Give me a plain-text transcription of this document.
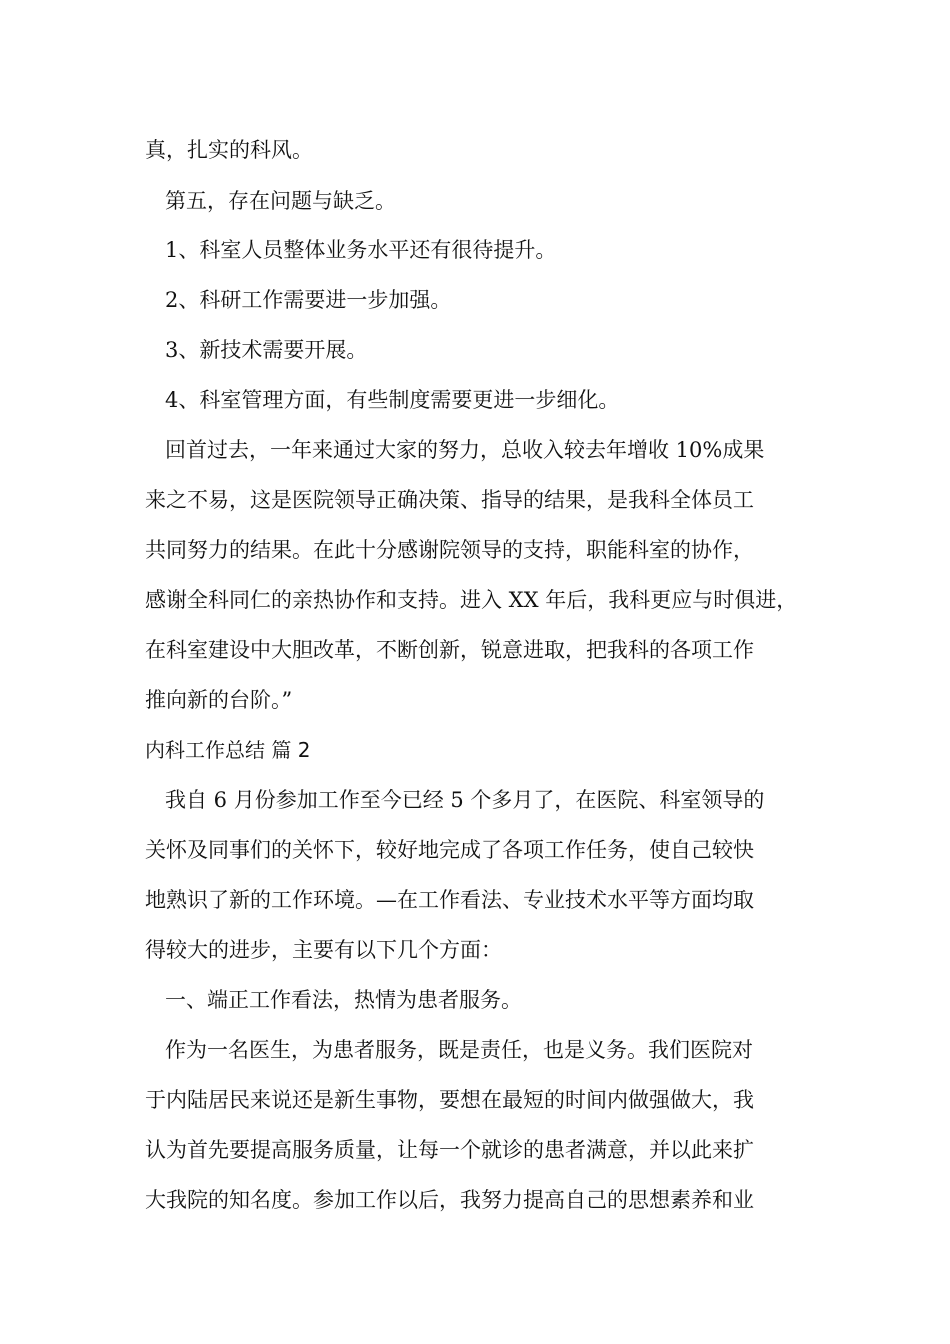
真，扎实的科风。

第五，存在问题与缺乏。

1、科室人员整体业务水平还有很待提升。

2、科研工作需要进一步加强。

3、新技术需要开展。

4、科室管理方面，有些制度需要更进一步细化。

回首过去，一年来通过大家的努力，总收入较去年增收 10%成果

来之不易，这是医院领导正确决策、指导的结果，是我科全体员工

共同努力的结果。在此十分感谢院领导的支持，职能科室的协作，

感谢全科同仁的亲热协作和支持。进入 XX 年后，我科更应与时俱进，

在科室建设中大胆改革，不断创新，锐意进取，把我科的各项工作

推向新的台阶。”

内科工作总结 篇 2

我自 6 月份参加工作至今已经 5 个多月了，在医院、科室领导的

关怀及同事们的关怀下，较好地完成了各项工作任务，使自己较快

地熟识了新的工作环境。—在工作看法、专业技术水平等方面均取

得较大的进步，主要有以下几个方面：

一、端正工作看法，热情为患者服务。

作为一名医生，为患者服务，既是责任，也是义务。我们医院对

于内陆居民来说还是新生事物，要想在最短的时间内做强做大，我

认为首先要提高服务质量，让每一个就诊的患者满意，并以此来扩

大我院的知名度。参加工作以后，我努力提高自己的思想素养和业
